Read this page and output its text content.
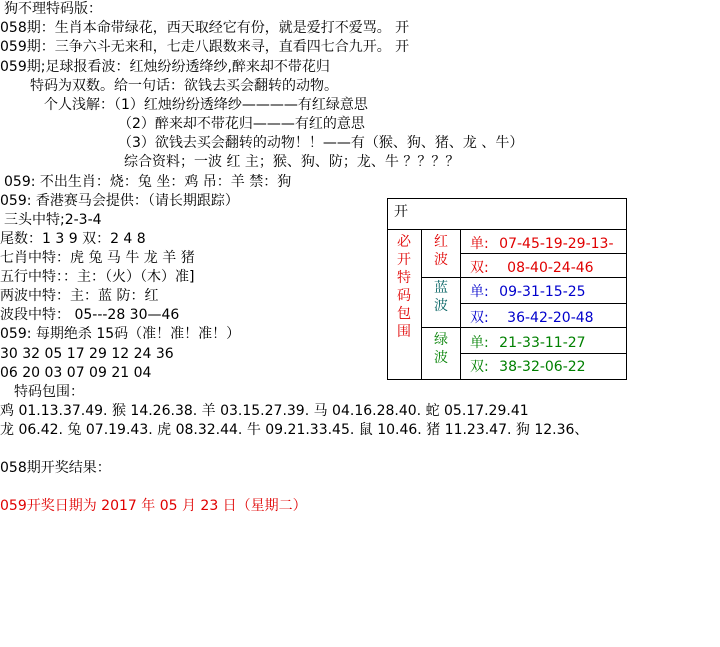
狗不理特码版：
058期：生肖本命带绿花，西天取经它有份，就是爱打不爱骂。 开
059期：三争六斗无来和，七走八跟数来寻，直看四七合九开。 开
059期;足球报看波：红烛纷纷透绛纱,醉来却不带花归
特码为双数。给一句话：欲钱去买会翻转的动物。
个人浅解：（1）红烛纷纷透绛纱————有红绿意思
（2）醉来却不带花归———有红的意思
（3）欲钱去买会翻转的动物！！——有（猴、狗、猪、龙 、牛）
综合资料；一波 红 主；猴、狗、防；龙、牛 ？？？？
059: 不出生肖：烧：兔 坐：鸡 吊：羊 禁：狗
059: 香港赛马会提供：（请长期跟踪）
三头中特;2-3-4
尾数：1 3 9 双：2 4 8
七肖中特：虎 兔 马 牛 龙 羊 猪
五行中特：：主：（火）（木）准]
两波中特：主：蓝 防：红
波段中特： 05---28 30—46
059: 每期绝杀 15码（准！准！准！）
30 32 05 17 29 12 24 36
06 20 03 07 09 21 04
特码包围：
鸡 01.13.37.49. 猴 14.26.38. 羊 03.15.27.39. 马 04.16.28.40. 蛇 05.17.29.41
龙 06.42. 兔 07.19.43. 虎 08.32.44. 牛 09.21.33.45. 鼠 10.46. 猪 11.23.47. 狗 12.36、
058期开奖结果：
059开奖日期为 2017 年 05 月 23 日（星期二）
开
必开特码包围
红波
绿波
蓝波
单: 07-45-19-29-13-
双: 08-40-24-46
单: 09-31-15-25
双: 36-42-20-48
单: 21-33-11-27
双: 38-32-06-22
